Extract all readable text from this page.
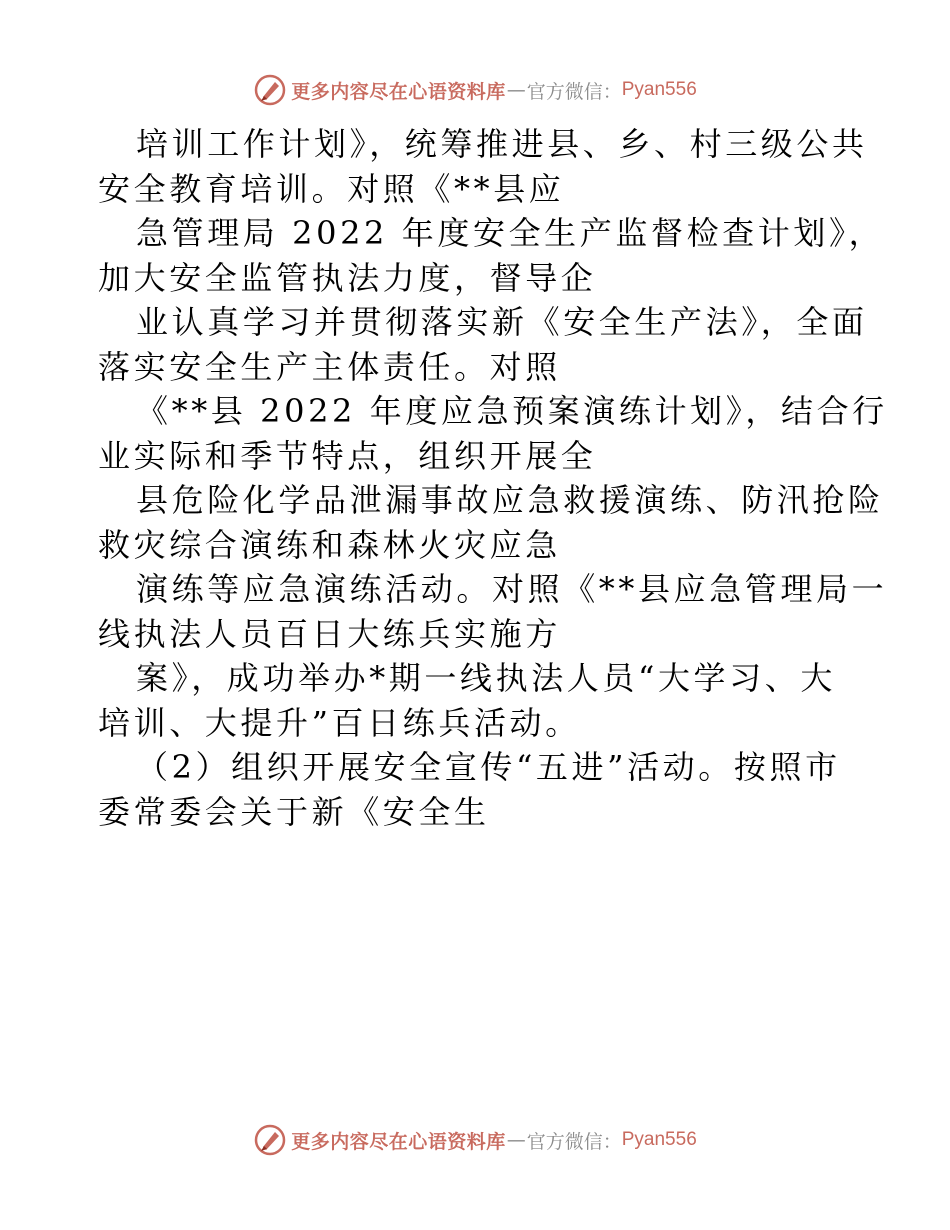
更多内容尽在心语资料库 — 官方微信： Pyan556
培训工作计划》，统筹推进县、乡、村三级公共
安全教育培训。对照《**县应
急管理局 2022 年度安全生产监督检查计划》，
加大安全监管执法力度，督导企
业认真学习并贯彻落实新《安全生产法》，全面
落实安全生产主体责任。对照
《**县 2022 年度应急预案演练计划》，结合行
业实际和季节特点，组织开展全
县危险化学品泄漏事故应急救援演练、防汛抢险
救灾综合演练和森林火灾应急
演练等应急演练活动。对照《**县应急管理局一
线执法人员百日大练兵实施方
案》，成功举办*期一线执法人员“大学习、大
培训、大提升”百日练兵活动。
（2）组织开展安全宣传“五进”活动。按照市
委常委会关于新《安全生
更多内容尽在心语资料库 — 官方微信： Pyan556
